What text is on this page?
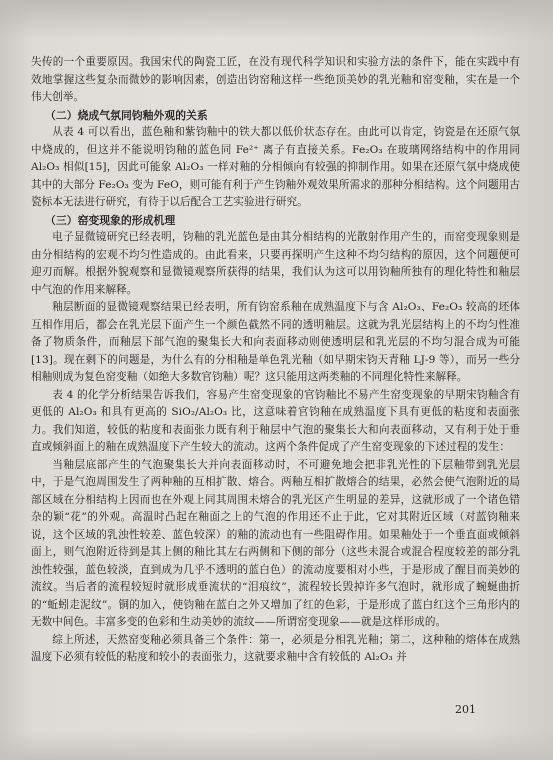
失传的一个重要原因。我国宋代的陶瓷工匠，在没有现代科学知识和实验方法的条件下，能在实践中有效地掌握这些复杂而微妙的影响因素，创造出钧窑釉这样一些绝顶美妙的乳光釉和窑变釉，实在是一个伟大创举。

（二）烧成气氛同钧釉外观的关系

从表 4 可以看出，蓝色釉和紫钧釉中的铁大都以低价状态存在。由此可以肯定，钧瓷是在还原气氛中烧成的，但这并不能说明钧釉的蓝色同 Fe²⁺ 离子有直接关系。Fe₂O₃ 在玻璃网络结构中的作用同 Al₂O₃ 相似[15]，因此可能象 Al₂O₃ 一样对釉的分相倾向有较强的抑制作用。如果在还原气氛中烧成使其中的大部分 Fe₂O₃ 变为 FeO，则可能有利于产生钧釉外观效果所需求的那种分相结构。这个问题用古瓷标本无法进行研究，有待于以后配合工艺实验进行研究。

（三）窑变现象的形成机理

电子显微镜研究已经表明，钧釉的乳光蓝色是由其分相结构的光散射作用产生的，而窑变现象则是由分相结构的宏观不均匀性造成的。由此看来，只要再探明产生这种不均匀结构的原因，这个问题便可迎刃而解。根据外貌观察和显微镜观察所获得的结果，我们认为这可以用钧釉所独有的理化特性和釉层中气泡的作用来解释。

釉层断面的显微镜观察结果已经表明，所有钧窑系釉在成熟温度下与含 Al₂O₃、Fe₂O₃ 较高的坯体互相作用后，都会在乳光层下面产生一个颜色截然不同的透明釉层。这就为乳光层结构上的不均匀性准备了物质条件，而釉层下部气泡的聚集长大和向表面移动则使透明层和乳光层的不均匀混合成为可能[13]。现在剩下的问题是，为什么有的分相釉是单色乳光釉（如早期宋钧天青釉 LJ-9 等），而另一些分相釉则成为复色窑变釉（如绝大多数官钧釉）呢？这只能用这两类釉的不同理化特性来解释。

表 4 的化学分析结果告诉我们，容易产生窑变现象的官钧釉比不易产生窑变现象的早期宋钧釉含有更低的 Al₂O₃ 和具有更高的 SiO₂/Al₂O₃ 比，这意味着官钧釉在成熟温度下具有更低的粘度和表面张力。我们知道，较低的粘度和表面张力既有利于釉层中气泡的聚集长大和向表面移动，又有利于处于垂直或倾斜面上的釉在成熟温度下产生较大的流动。这两个条件促成了产生窑变现象的下述过程的发生：

当釉层底部产生的气泡聚集长大并向表面移动时，不可避免地会把非乳光性的下层釉带到乳光层中，于是气泡周围发生了两种釉的互相扩散、熔合。两釉互相扩散熔合的结果，必然会使气泡附近的局部区域在分相结构上因而也在外观上同其周围未熔合的乳光区产生明显的差异，这就形成了一个诸色错杂的颖“花”的外观。高温时凸起在釉面之上的气泡的作用还不止于此，它对其附近区域（对蓝钧釉来说，这个区域的乳浊性较差、蓝色较深）的釉的流动也有一些阻碍作用。如果釉处于一个垂直面或倾斜面上，则气泡附近待到是其上侧的釉比其左右两侧和下侧的部分（这些未混合或混合程度较差的部分乳浊性较强，蓝色较淡，直到成为几乎不透明的蓝白色）的流动度要相对小些，于是形成了醒目而美妙的流纹。当后者的流程较短时就形成垂流状的“泪痕纹”，流程较长毁掉许多气泡时，就形成了蜿蜒曲折的“蚯蚓走泥纹”。铜的加入，使钧釉在蓝白之外又增加了红的色彩，于是形成了蓝白红这个三角形内的无数中间色。丰富多变的色彩和生动美妙的流纹——所谓窑变现象——就是这样形成的。

综上所述，天然窑变釉必须具备三个条件：第一，必须是分相乳光釉；第二，这种釉的熔体在成熟温度下必须有较低的粘度和较小的表面张力，这就要求釉中含有较低的 Al₂O₃ 并

201
